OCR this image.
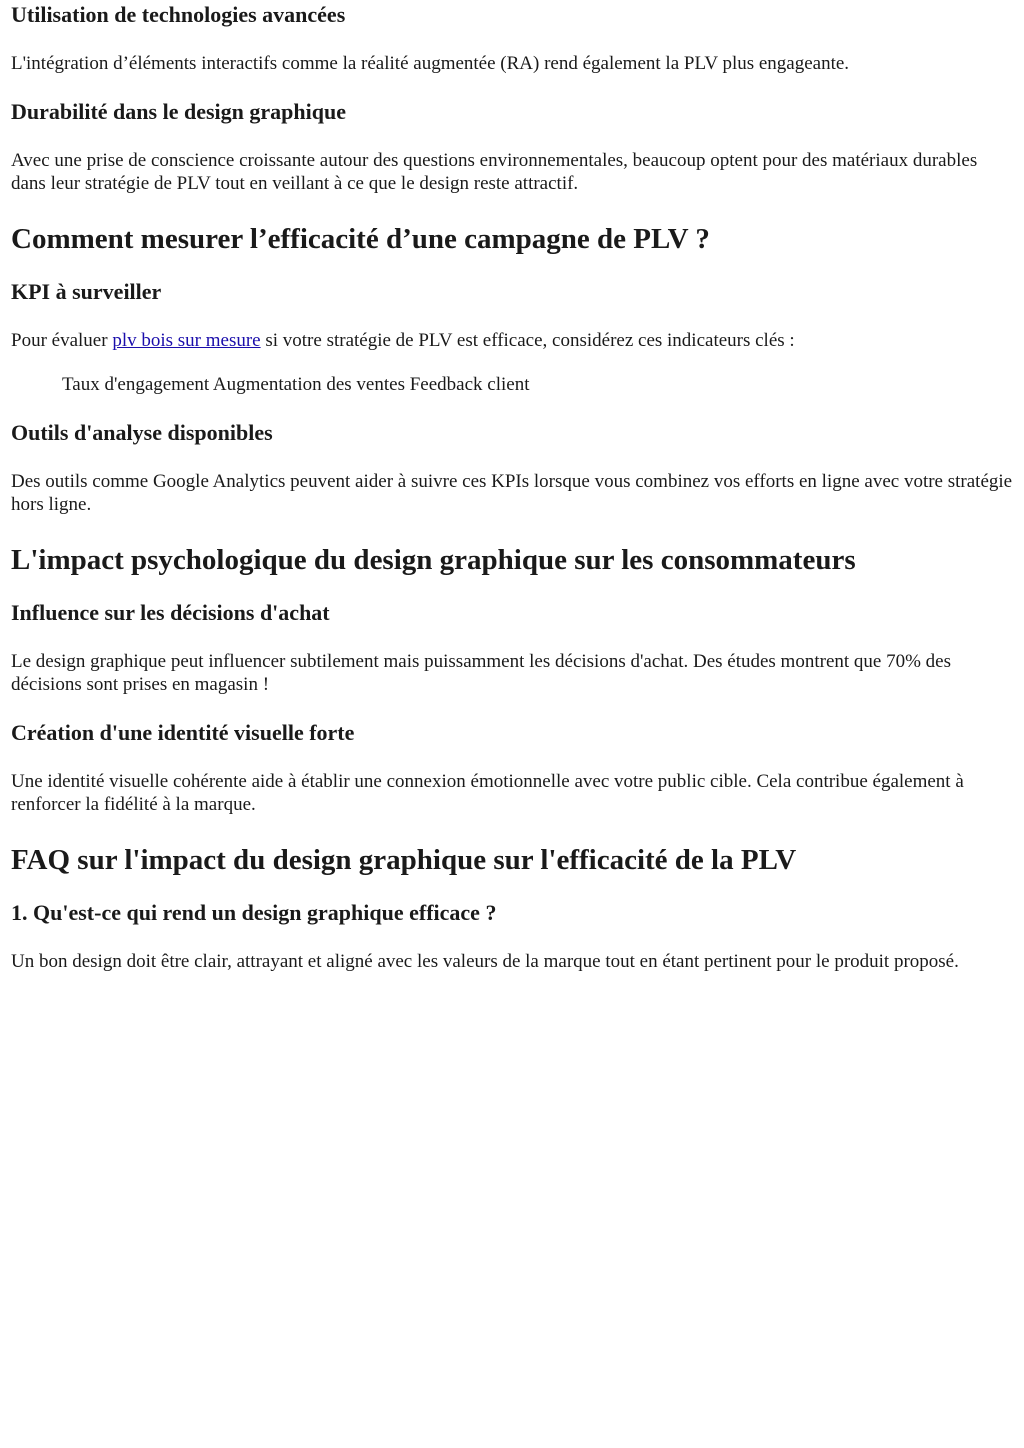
Utilisation de technologies avancées

L'intégration d’éléments interactifs comme la réalité augmentée (RA) rend également la PLV plus engageante.

Durabilité dans le design graphique

Avec une prise de conscience croissante autour des questions environnementales, beaucoup optent pour des matériaux durables dans leur stratégie de PLV tout en veillant à ce que le design reste attractif.

Comment mesurer l’efficacité d’une campagne de PLV ?
KPI à surveiller

Pour évaluer plv bois sur mesure si votre stratégie de PLV est efficace, considérez ces indicateurs clés :

Taux d'engagement Augmentation des ventes Feedback client
Outils d'analyse disponibles

Des outils comme Google Analytics peuvent aider à suivre ces KPIs lorsque vous combinez vos efforts en ligne avec votre stratégie hors ligne.

L'impact psychologique du design graphique sur les consommateurs
Influence sur les décisions d'achat

Le design graphique peut influencer subtilement mais puissamment les décisions d'achat. Des études montrent que 70% des décisions sont prises en magasin !

Création d'une identité visuelle forte

Une identité visuelle cohérente aide à établir une connexion émotionnelle avec votre public cible. Cela contribue également à renforcer la fidélité à la marque.

FAQ sur l'impact du design graphique sur l'efficacité de la PLV
1. Qu'est-ce qui rend un design graphique efficace ?

Un bon design doit être clair, attrayant et aligné avec les valeurs de la marque tout en étant pertinent pour le produit proposé.
